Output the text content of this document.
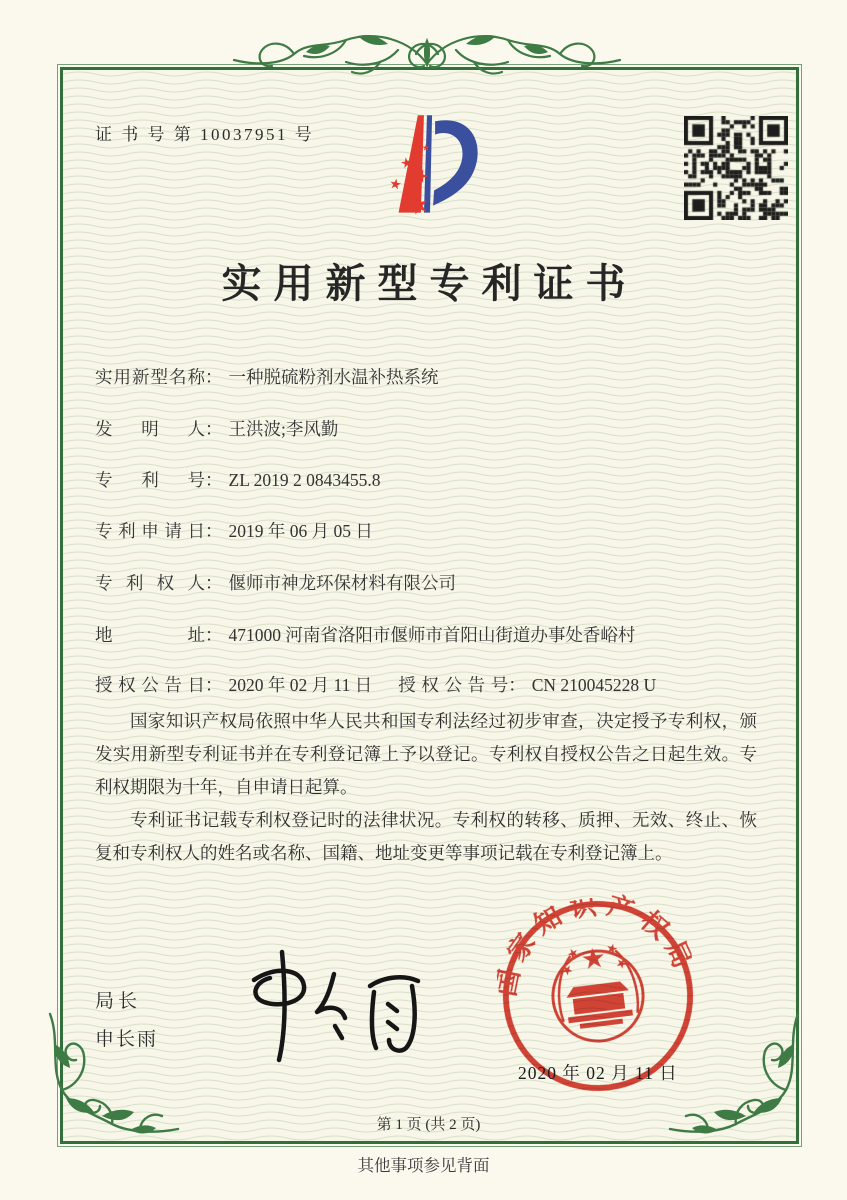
证 书 号 第 10037951 号
实用新型专利证书
实用新型名称： 一种脱硫粉剂水温补热系统
发明人： 王洪波;李风勤
专利号： ZL 2019 2 0843455.8
专利申请日： 2019 年 06 月 05 日
专利权人： 偃师市神龙环保材料有限公司
地址： 471000 河南省洛阳市偃师市首阳山街道办事处香峪村
授权公告日： 2020 年 02 月 11 日 授权公告号： CN 210045228 U

国家知识产权局依照中华人民共和国专利法经过初步审查，决定授予专利权，颁发实用新型专利证书并在专利登记簿上予以登记。专利权自授权公告之日起生效。专利权期限为十年，自申请日起算。

专利证书记载专利权登记时的法律状况。专利权的转移、质押、无效、终止、恢复和专利权人的姓名或名称、国籍、地址变更等事项记载在专利登记簿上。

局长
申长雨
国家知识产权局
2020 年 02 月 11 日
第 1 页 (共 2 页)
其他事项参见背面
